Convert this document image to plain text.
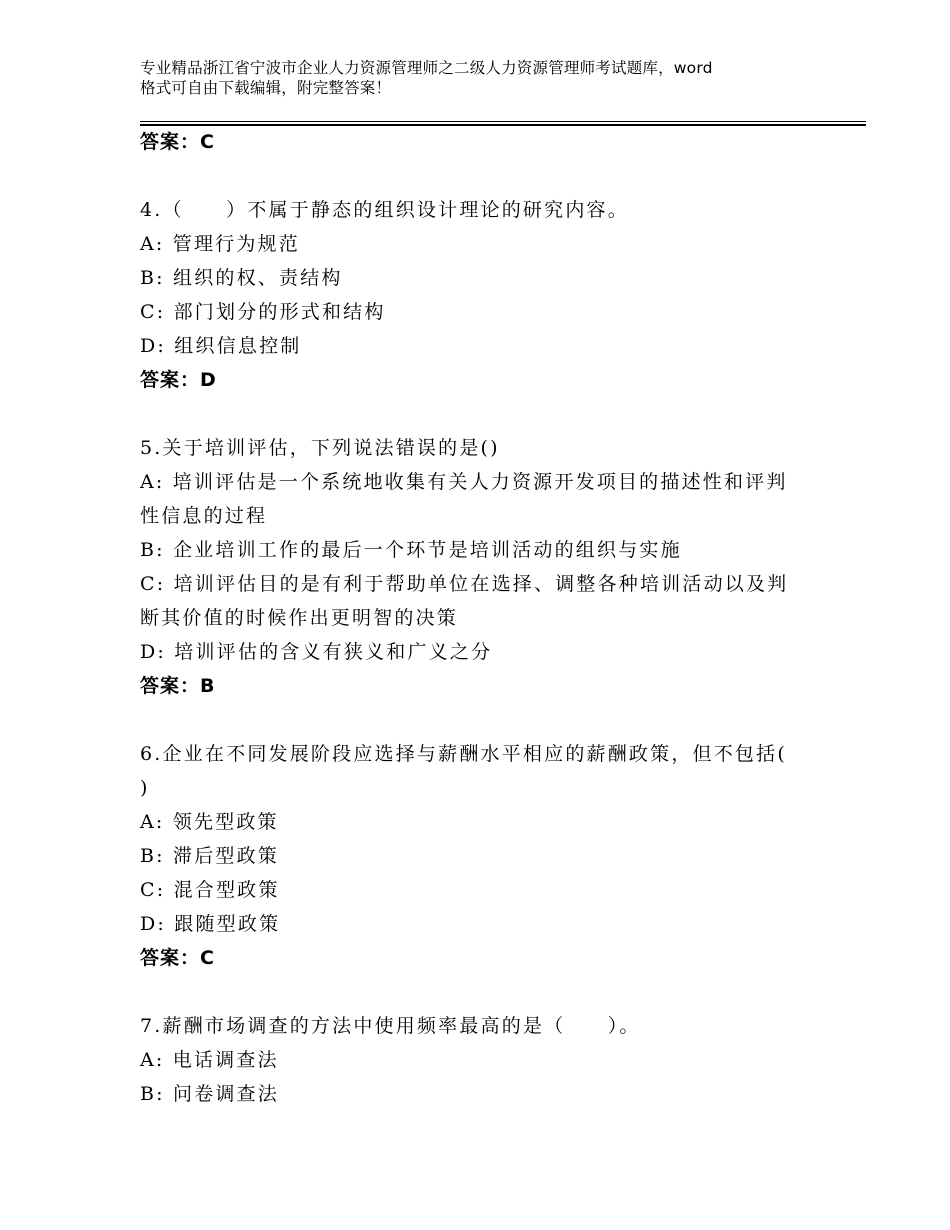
专业精品浙江省宁波市企业人力资源管理师之二级人力资源管理师考试题库，word
格式可自由下载编辑，附完整答案！
答案：C

4.（　　）不属于静态的组织设计理论的研究内容。

A: 管理行为规范

B: 组织的权、责结构

C: 部门划分的形式和结构

D: 组织信息控制

答案：D

5.关于培训评估，下列说法错误的是()

A: 培训评估是一个系统地收集有关人力资源开发项目的描述性和评判

性信息的过程

B: 企业培训工作的最后一个环节是培训活动的组织与实施

C: 培训评估目的是有利于帮助单位在选择、调整各种培训活动以及判

断其价值的时候作出更明智的决策

D: 培训评估的含义有狭义和广义之分

答案：B

6.企业在不同发展阶段应选择与薪酬水平相应的薪酬政策，但不包括(

)

A: 领先型政策

B: 滞后型政策

C: 混合型政策

D: 跟随型政策

答案：C

7.薪酬市场调查的方法中使用频率最高的是（　　）。

A: 电话调查法

B: 问卷调查法
